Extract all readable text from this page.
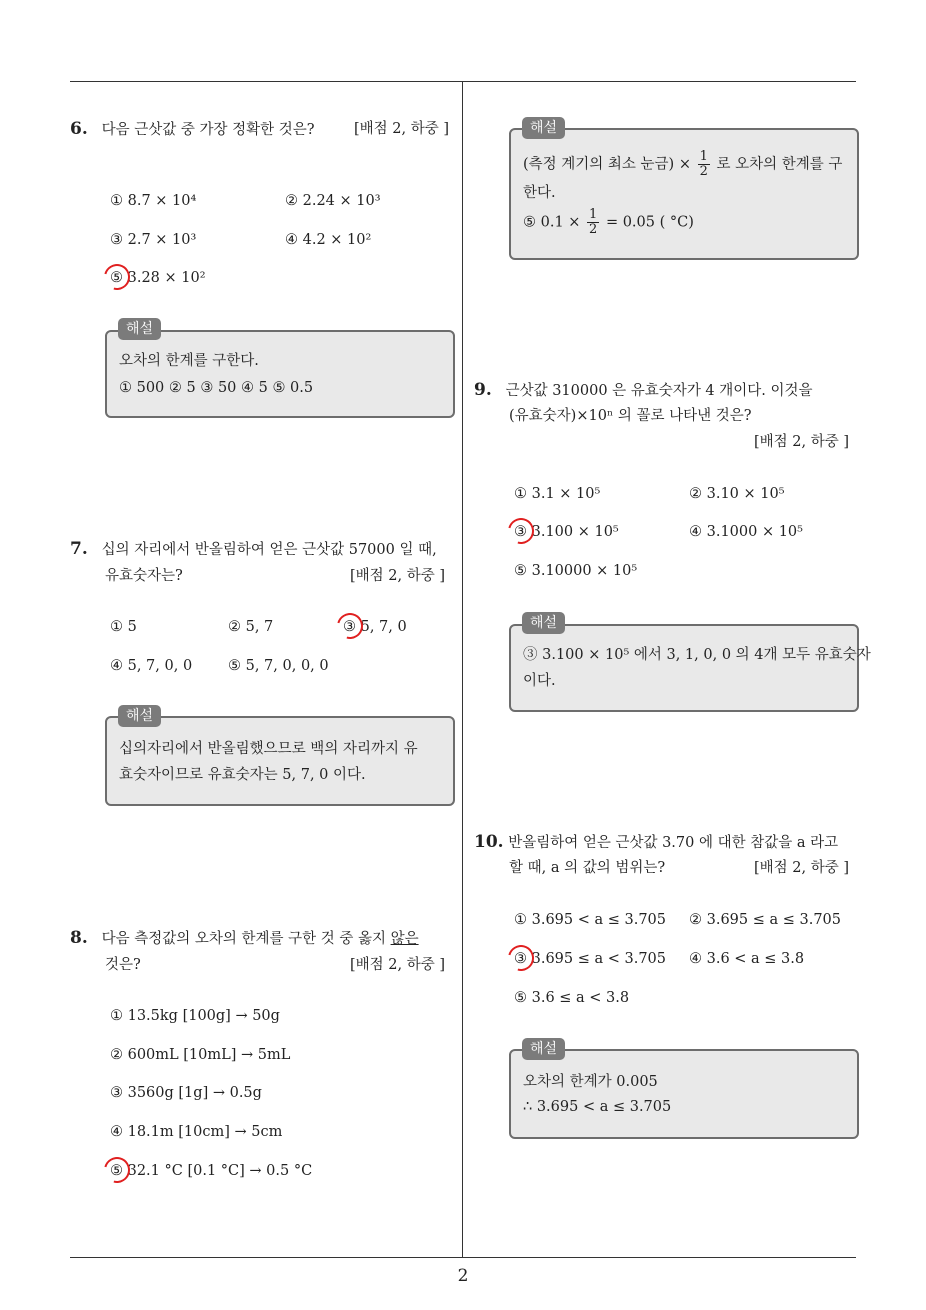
2
6. 다음 근삿값 중 가장 정확한 것은?	[배점 2, 하중 ]
① 8.7 × 10⁴	② 2.24 × 10³
③ 2.7 × 10³	④ 4.2 × 10²
⑤ 3.28 × 10²
오차의 한계를 구한다.
① 500 ② 5 ③ 50 ④ 5 ⑤ 0.5
해설
7. 십의 자리에서 반올림하여 얻은 근삿값 57000 일 때,
유효숫자는?	[배점 2, 하중 ]
① 5	② 5, 7	③ 5, 7, 0
④ 5, 7, 0, 0 ⑤ 5, 7, 0, 0, 0
십의자리에서 반올림했으므로 백의 자리까지 유
효숫자이므로 유효숫자는 5, 7, 0 이다.
해설
8. 다음 측정값의 오차의 한계를 구한 것 중 옳지 않은
것은?	[배점 2, 하중 ]
① 13.5kg [100g] → 50g
② 600mL [10mL] → 5mL
③ 3560g [1g] → 0.5g
④ 18.1m [10cm] → 5cm
⑤ 32.1 °C [0.1 °C] → 0.5 °C
(측정 계기의 최소 눈금) × $\frac{1}{2}$ 로 오차의 한계를 구
한다.
⑤ $0.1 \times \frac{1}{2} = 0.05$ ( °C)
해설
9. 근삿값 310000 은 유효숫자가 4 개이다. 이것을
(유효숫자)×10ⁿ 의 꼴로 나타낸 것은?
[배점 2, 하중 ]
① 3.1 × 10⁵	② 3.10 × 10⁵
③ 3.100 × 10⁵	④ 3.1000 × 10⁵
⑤ 3.10000 × 10⁵
③ 3.100 × 10⁵ 에서 3, 1, 0, 0 의 4개 모두 유효숫자
이다.
해설
10. 반올림하여 얻은 근삿값 3.70 에 대한 참값을 a 라고
할 때, a 의 값의 범위는?	[배점 2, 하중 ]
① 3.695 < a ≤ 3.705 ② 3.695 ≤ a ≤ 3.705
③ 3.695 ≤ a < 3.705 ④ 3.6 < a ≤ 3.8
⑤ 3.6 ≤ a < 3.8
오차의 한계가 0.005
∴ 3.695 < a ≤ 3.705
해설
